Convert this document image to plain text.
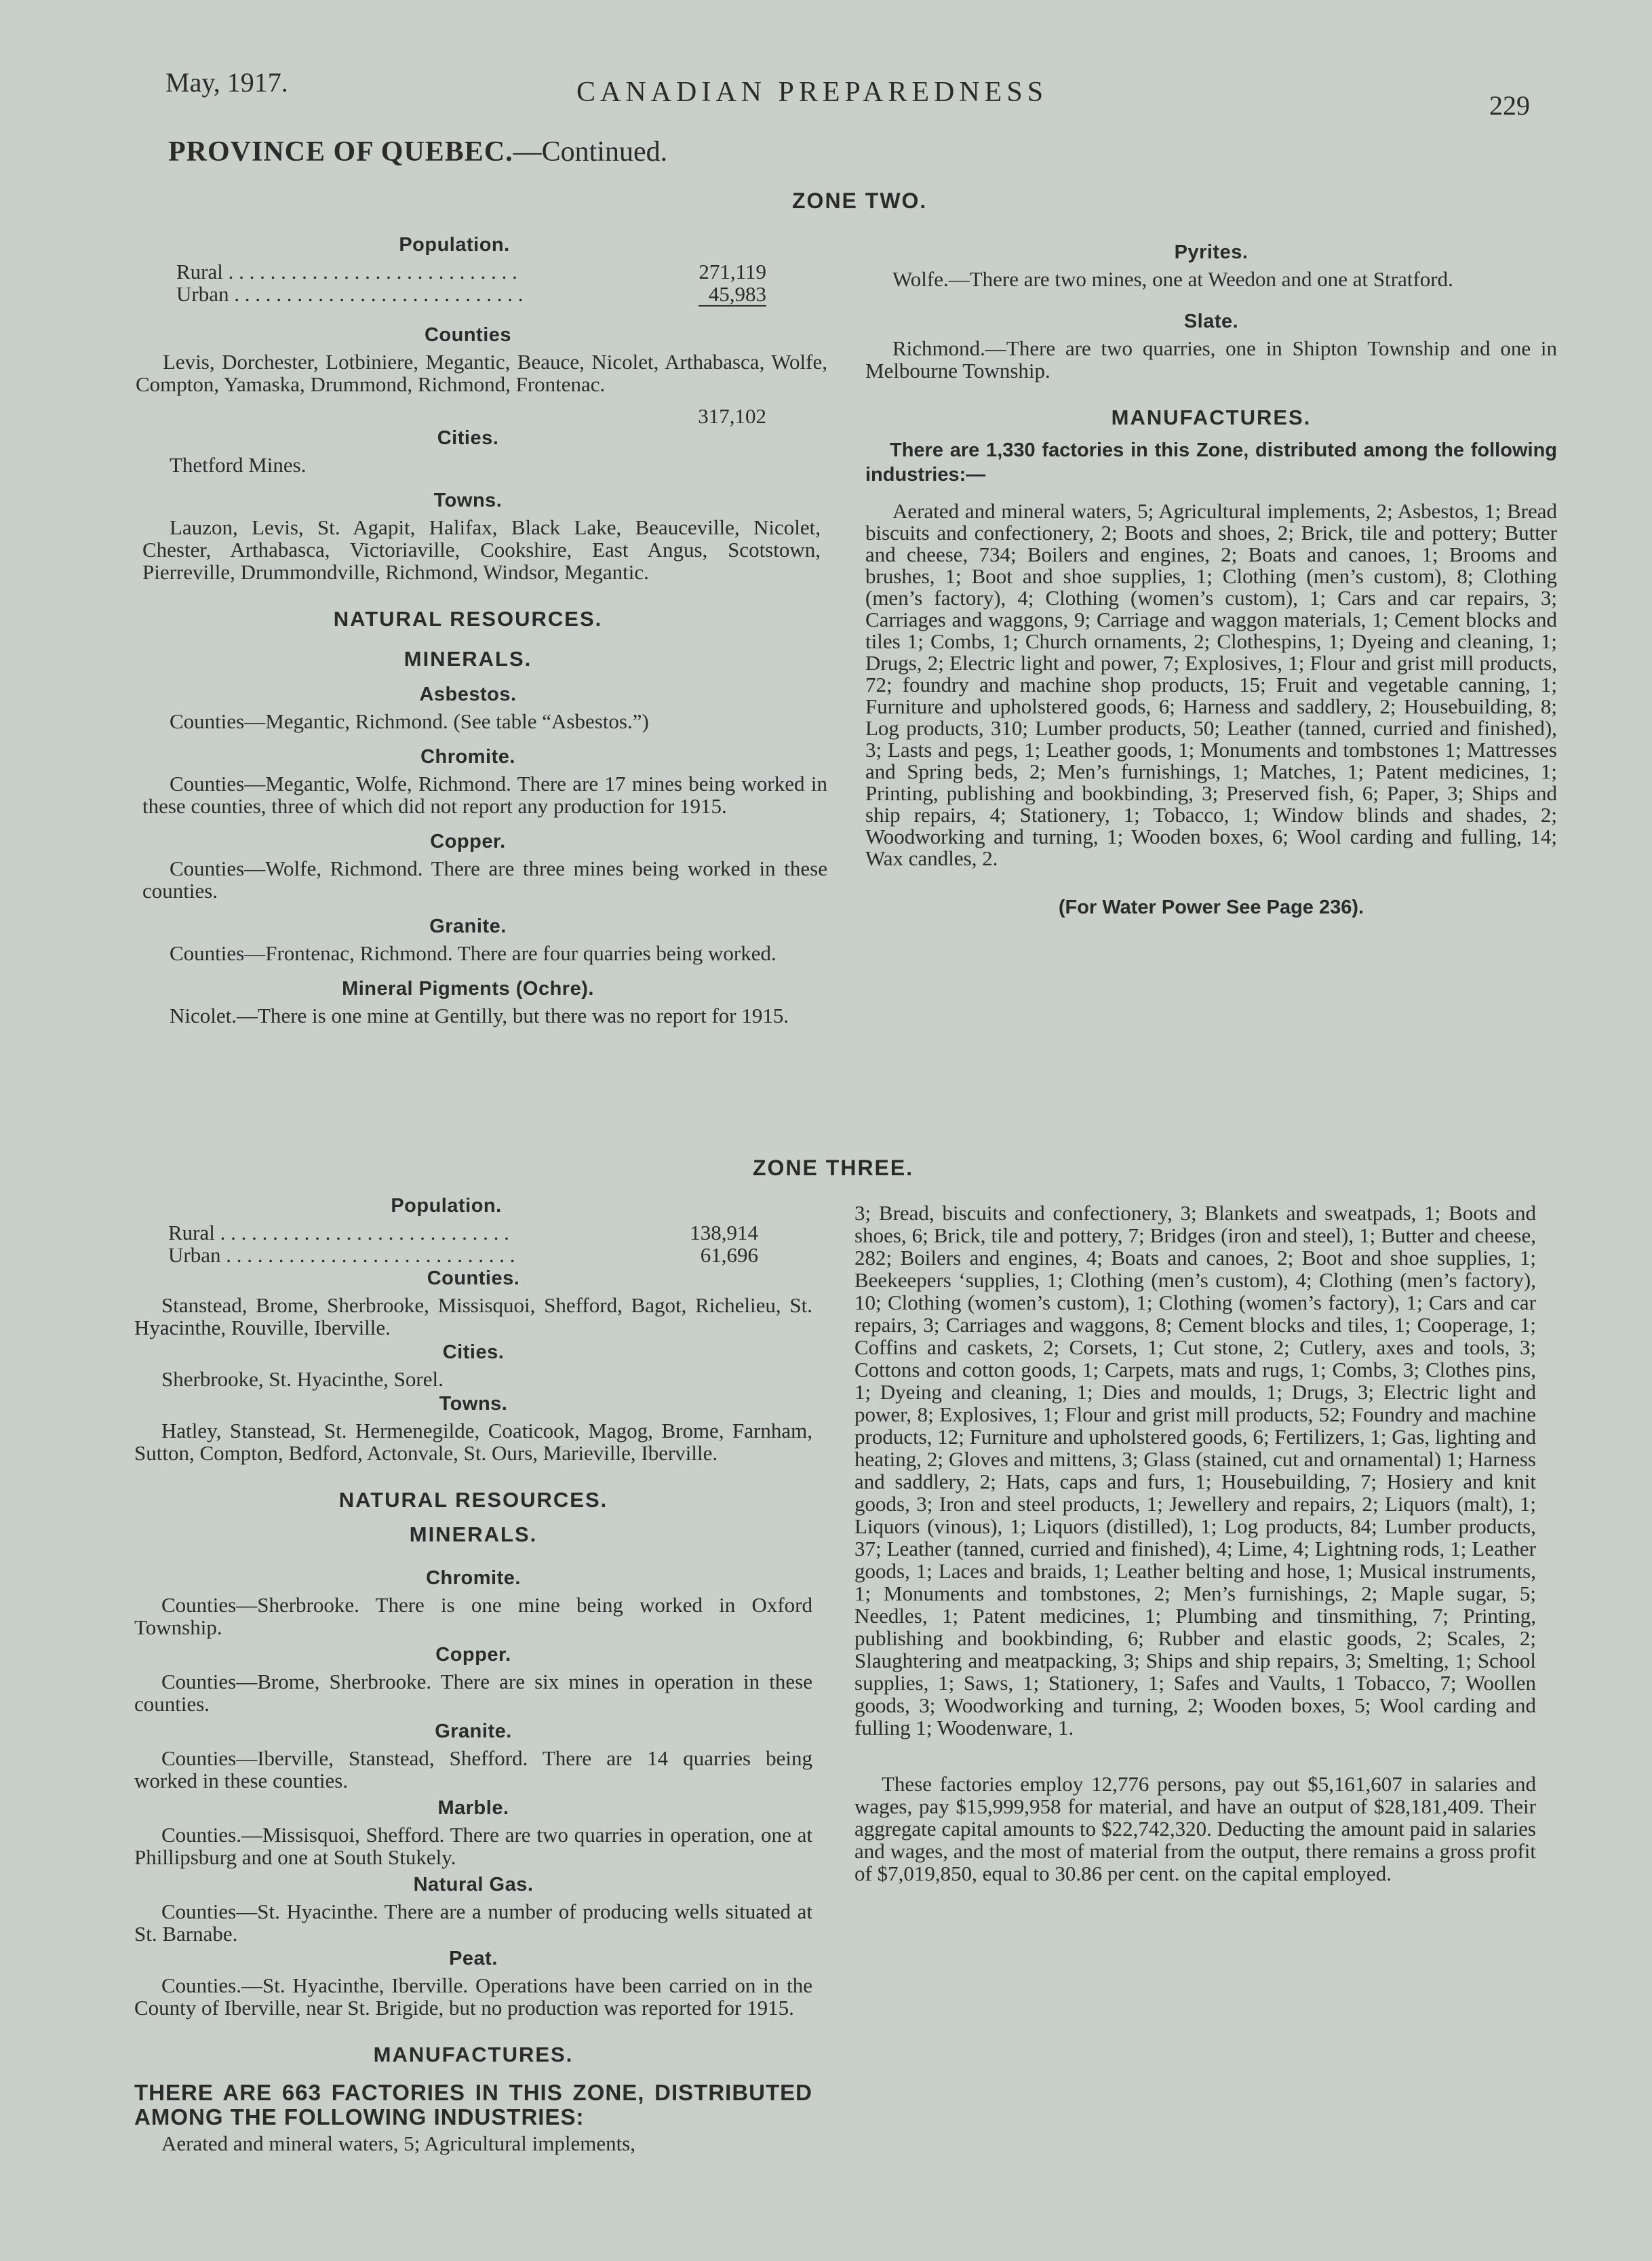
May, 1917.	CANADIAN PREPAREDNESS	229
PROVINCE OF QUEBEC.—Continued.
ZONE TWO.
Population.
Rural . . . . . . . . . . . . . . . . . . . . . . . . . . . .	271,119
Urban . . . . . . . . . . . . . . . . . . . . . . . . . . . .	45,983
Counties

Levis, Dorchester, Lotbiniere, Megantic, Beauce, Nicolet, Arthabasca, Wolfe, Compton, Yamaska, Drummond, Richmond, Frontenac.

317,102
Cities.

Thetford Mines.

Towns.

Lauzon, Levis, St. Agapit, Halifax, Black Lake, Beauceville, Nicolet, Chester, Arthabasca, Victoriaville, Cookshire, East Angus, Scotstown, Pierreville, Drummondville, Richmond, Windsor, Megantic.

NATURAL RESOURCES.
MINERALS.
Asbestos.

Counties—Megantic, Richmond. (See table “Asbestos.”)

Chromite.

Counties—Megantic, Wolfe, Richmond. There are 17 mines being worked in these counties, three of which did not report any production for 1915.

Copper.

Counties—Wolfe, Richmond. There are three mines being worked in these counties.

Granite.

Counties—Frontenac, Richmond. There are four quarries being worked.

Mineral Pigments (Ochre).

Nicolet.—There is one mine at Gentilly, but there was no report for 1915.

Pyrites.

Wolfe.—There are two mines, one at Weedon and one at Stratford.

Slate.

Richmond.—There are two quarries, one in Shipton Township and one in Melbourne Township.

MANUFACTURES.

There are 1,330 factories in this Zone, distributed among the following industries:—

Aerated and mineral waters, 5; Agricultural implements, 2; Asbestos, 1; Bread biscuits and confectionery, 2; Boots and shoes, 2; Brick, tile and pottery; Butter and cheese, 734; Boilers and engines, 2; Boats and canoes, 1; Brooms and brushes, 1; Boot and shoe supplies, 1; Clothing (men’s custom), 8; Clothing (men’s factory), 4; Clothing (women’s custom), 1; Cars and car repairs, 3; Carriages and waggons, 9; Carriage and waggon materials, 1; Cement blocks and tiles 1; Combs, 1; Church ornaments, 2; Clothespins, 1; Dyeing and cleaning, 1; Drugs, 2; Electric light and power, 7; Explosives, 1; Flour and grist mill products, 72; foundry and machine shop products, 15; Fruit and vegetable canning, 1; Furniture and upholstered goods, 6; Harness and saddlery, 2; Housebuilding, 8; Log products, 310; Lumber products, 50; Leather (tanned, curried and finished), 3; Lasts and pegs, 1; Leather goods, 1; Monuments and tombstones 1; Mattresses and Spring beds, 2; Men’s furnishings, 1; Matches, 1; Patent medicines, 1; Printing, publishing and bookbinding, 3; Preserved fish, 6; Paper, 3; Ships and ship repairs, 4; Stationery, 1; Tobacco, 1; Window blinds and shades, 2; Woodworking and turning, 1; Wooden boxes, 6; Wool carding and fulling, 14; Wax candles, 2.

(For Water Power See Page 236).
ZONE THREE.
Population.
Rural . . . . . . . . . . . . . . . . . . . . . . . . . . . .	138,914
Urban . . . . . . . . . . . . . . . . . . . . . . . . . . . .	61,696
Counties.

Stanstead, Brome, Sherbrooke, Missisquoi, Shefford, Bagot, Richelieu, St. Hyacinthe, Rouville, Iberville.

Cities.

Sherbrooke, St. Hyacinthe, Sorel.

Towns.

Hatley, Stanstead, St. Hermenegilde, Coaticook, Magog, Brome, Farnham, Sutton, Compton, Bedford, Actonvale, St. Ours, Marieville, Iberville.

NATURAL RESOURCES.
MINERALS.
Chromite.

Counties—Sherbrooke. There is one mine being worked in Oxford Township.

Copper.

Counties—Brome, Sherbrooke. There are six mines in operation in these counties.

Granite.

Counties—Iberville, Stanstead, Shefford. There are 14 quarries being worked in these counties.

Marble.

Counties.—Missisquoi, Shefford. There are two quarries in operation, one at Phillipsburg and one at South Stukely.

Natural Gas.

Counties—St. Hyacinthe. There are a number of producing wells situated at St. Barnabe.

Peat.

Counties.—St. Hyacinthe, Iberville. Operations have been carried on in the County of Iberville, near St. Brigide, but no production was reported for 1915.

MANUFACTURES.

THERE ARE 663 FACTORIES IN THIS ZONE, DISTRIBUTED AMONG THE FOLLOWING INDUSTRIES:

Aerated and mineral waters, 5; Agricultural implements,

3; Bread, biscuits and confectionery, 3; Blankets and sweatpads, 1; Boots and shoes, 6; Brick, tile and pottery, 7; Bridges (iron and steel), 1; Butter and cheese, 282; Boilers and engines, 4; Boats and canoes, 2; Boot and shoe supplies, 1; Beekeepers ‘supplies, 1; Clothing (men’s custom), 4; Clothing (men’s factory), 10; Clothing (women’s custom), 1; Clothing (women’s factory), 1; Cars and car repairs, 3; Carriages and waggons, 8; Cement blocks and tiles, 1; Cooperage, 1; Coffins and caskets, 2; Corsets, 1; Cut stone, 2; Cutlery, axes and tools, 3; Cottons and cotton goods, 1; Carpets, mats and rugs, 1; Combs, 3; Clothes pins, 1; Dyeing and cleaning, 1; Dies and moulds, 1; Drugs, 3; Electric light and power, 8; Explosives, 1; Flour and grist mill products, 52; Foundry and machine products, 12; Furniture and upholstered goods, 6; Fertilizers, 1; Gas, lighting and heating, 2; Gloves and mittens, 3; Glass (stained, cut and ornamental) 1; Harness and saddlery, 2; Hats, caps and furs, 1; Housebuilding, 7; Hosiery and knit goods, 3; Iron and steel products, 1; Jewellery and repairs, 2; Liquors (malt), 1; Liquors (vinous), 1; Liquors (distilled), 1; Log products, 84; Lumber products, 37; Leather (tanned, curried and finished), 4; Lime, 4; Lightning rods, 1; Leather goods, 1; Laces and braids, 1; Leather belting and hose, 1; Musical instruments, 1; Monuments and tombstones, 2; Men’s furnishings, 2; Maple sugar, 5; Needles, 1; Patent medicines, 1; Plumbing and tinsmithing, 7; Printing, publishing and bookbinding, 6; Rubber and elastic goods, 2; Scales, 2; Slaughtering and meatpacking, 3; Ships and ship repairs, 3; Smelting, 1; School supplies, 1; Saws, 1; Stationery, 1; Safes and Vaults, 1 Tobacco, 7; Woollen goods, 3; Woodworking and turning, 2; Wooden boxes, 5; Wool carding and fulling 1; Woodenware, 1.

These factories employ 12,776 persons, pay out $5,161,607 in salaries and wages, pay $15,999,958 for material, and have an output of $28,181,409. Their aggregate capital amounts to $22,742,320. Deducting the amount paid in salaries and wages, and the most of material from the output, there remains a gross profit of $7,019,850, equal to 30.86 per cent. on the capital employed.
